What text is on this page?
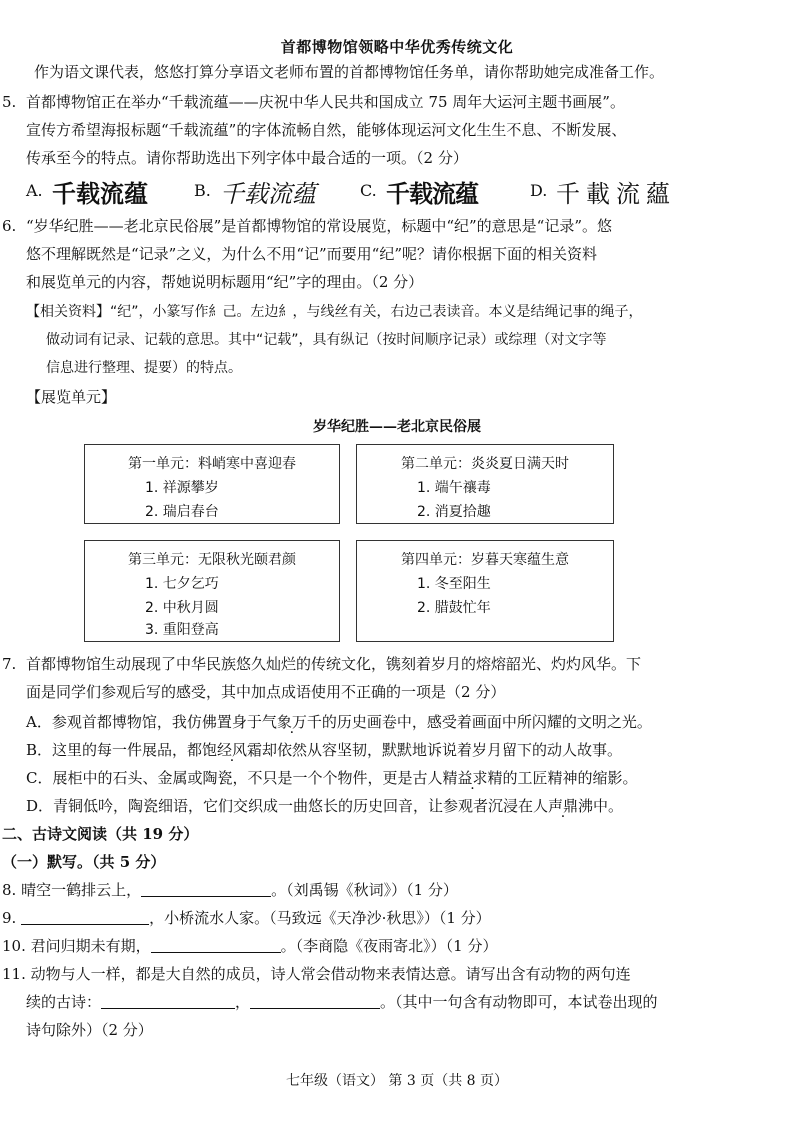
首都博物馆领略中华优秀传统文化
作为语文课代表，悠悠打算分享语文老师布置的首都博物馆任务单，请你帮助她完成准备工作。
5. 首都博物馆正在举办“千载流蕴——庆祝中华人民共和国成立 75 周年大运河主题书画展”。
宣传方希望海报标题“千载流蕴”的字体流畅自然，能够体现运河文化生生不息、不断发展、
传承至今的特点。请你帮助选出下列字体中最合适的一项。（2 分）
A. 千载流蕴	B. 千载流蕴	C. 千载流蕴	D. 千載流蘊
6. “岁华纪胜——老北京民俗展”是首都博物馆的常设展览，标题中“纪”的意思是“记录”。悠
悠不理解既然是“记录”之义，为什么不用“记”而要用“纪”呢？请你根据下面的相关资料
和展览单元的内容，帮她说明标题用“纪”字的理由。（2 分）
【相关资料】“纪”，小篆写作糹己。左边糹，与线丝有关，右边己表读音。本义是结绳记事的绳子，
做动词有记录、记载的意思。其中“记载”，具有纵记（按时间顺序记录）或综理（对文字等
信息进行整理、提要）的特点。
【展览单元】
岁华纪胜——老北京民俗展
第一单元：料峭寒中喜迎春
1. 祥源攀岁
2. 瑞启春台
第二单元：炎炎夏日满天时
1. 端午禳毒
2. 消夏拾趣
第三单元：无限秋光颐君颜
1. 七夕乞巧
2. 中秋月圆
3. 重阳登高
第四单元：岁暮天寒蕴生意
1. 冬至阳生
2. 腊鼓忙年
7. 首都博物馆生动展现了中华民族悠久灿烂的传统文化，镌刻着岁月的熔熔韶光、灼灼风华。下
面是同学们参观后写的感受，其中加点成语使用不正确的一项是（2 分）
A．参观首都博物馆，我仿佛置身于气象万千的历史画卷中，感受着画面中所闪耀的文明之光。
B．这里的每一件展品，都饱经风霜却依然从容坚韧，默默地诉说着岁月留下的动人故事。
C．展柜中的石头、金属或陶瓷，不只是一个个物件，更是古人精益求精的工匠精神的缩影。
D．青铜低吟，陶瓷细语，它们交织成一曲悠长的历史回音，让参观者沉浸在人声鼎沸中。
二、古诗文阅读（共 19 分）
（一）默写。（共 5 分）
8. 晴空一鹤排云上，	。（刘禹锡《秋词》）（1 分）
9.	，小桥流水人家。（马致远《天净沙·秋思》）（1 分）
10. 君问归期未有期，	。（李商隐《夜雨寄北》）（1 分）
11. 动物与人一样，都是大自然的成员，诗人常会借动物来表情达意。请写出含有动物的两句连
续的古诗：	，	。（其中一句含有动物即可，本试卷出现的
诗句除外）（2 分）
七年级（语文） 第 3 页（共 8 页）
